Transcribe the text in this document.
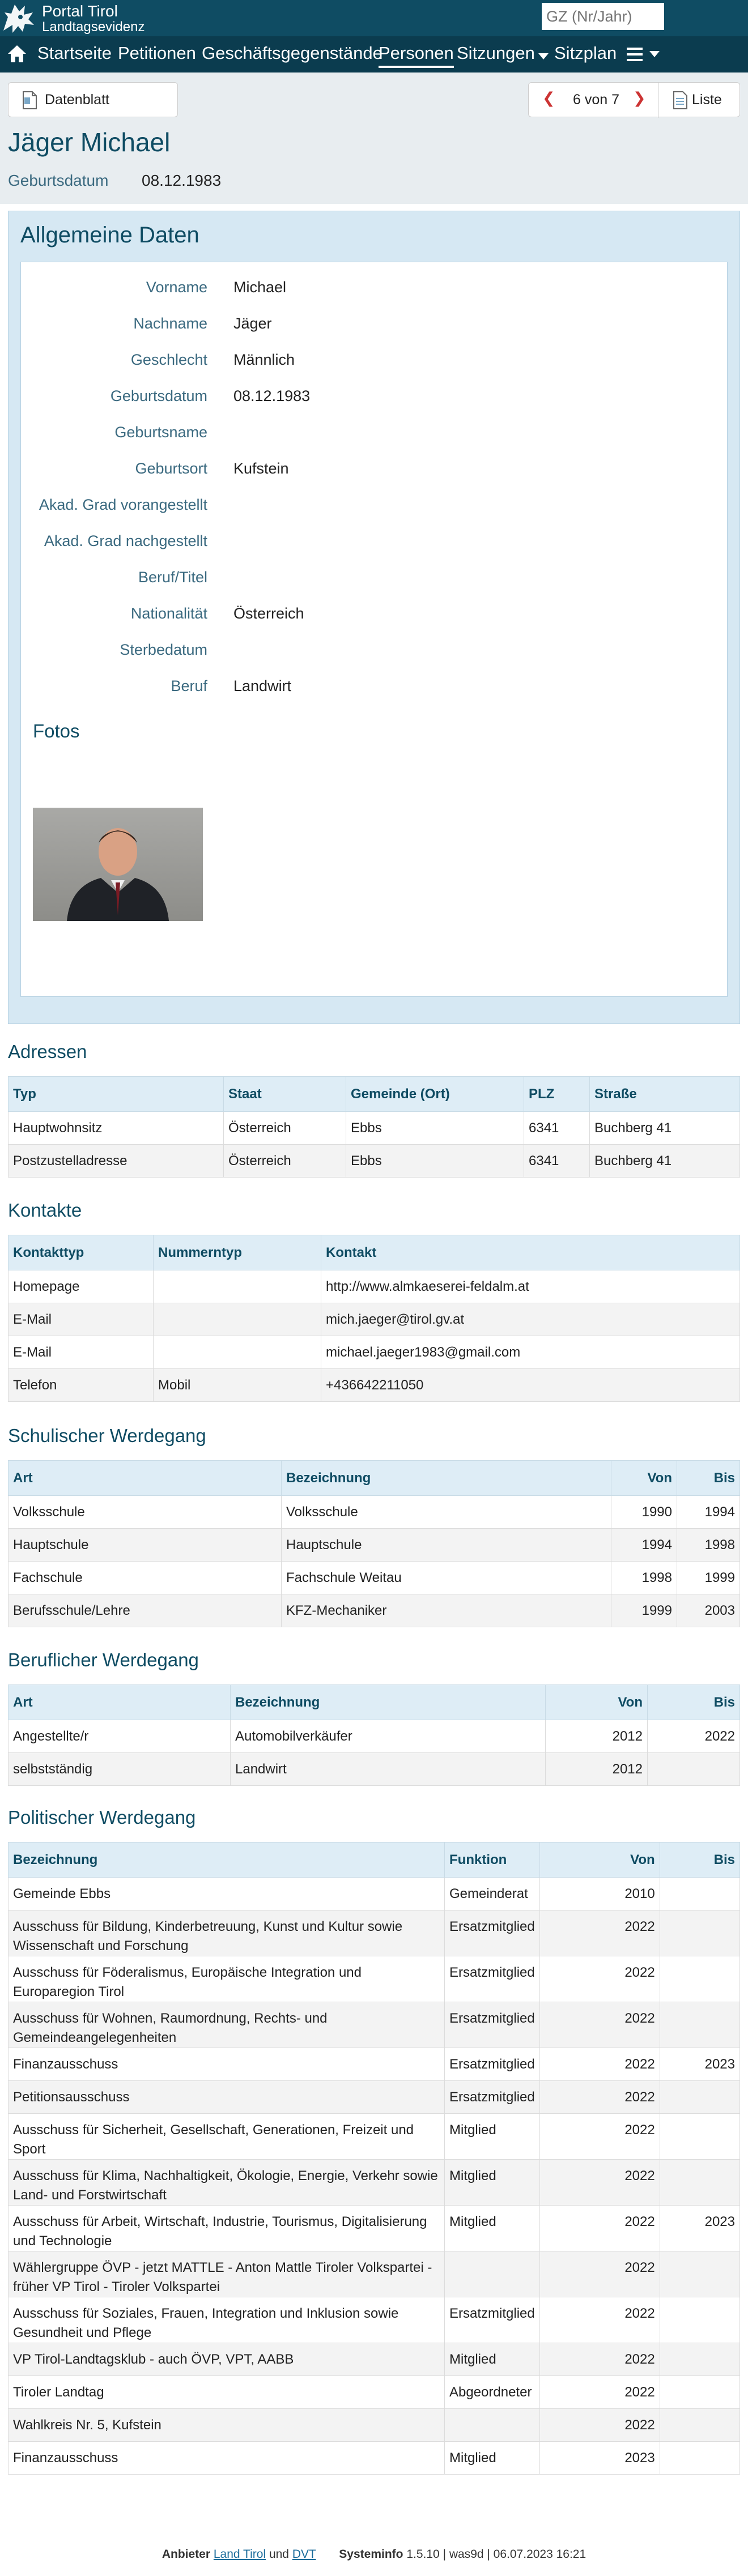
Portal Tirol
Landtagsevidenz
GZ (Nr/Jahr)
Startseite Petitionen Geschäftsgegenstände
Personen Sitzungen	Sitzplan
Datenblatt	❮ 6 von 7 ❯	Liste
Jäger Michael
Geburtsdatum 08.12.1983
Allgemeine Daten
Vorname Michael
Nachname Jäger
Geschlecht Männlich
Geburtsdatum 08.12.1983
Geburtsname
Geburtsort Kufstein
Akad. Grad vorangestellt
Akad. Grad nachgestellt
Beruf/Titel
Nationalität Österreich
Sterbedatum
Beruf Landwirt
Fotos
Adressen
Typ	Staat	Gemeinde (Ort)	PLZ	Straße
Hauptwohnsitz	Österreich	Ebbs	6341	Buchberg 41
Postzustelladresse	Österreich	Ebbs	6341	Buchberg 41
Kontakte
Kontakttyp	Nummerntyp	Kontakt
Homepage		http://www.almkaeserei-feldalm.at
E-Mail		mich.jaeger@tirol.gv.at
E-Mail		michael.jaeger1983@gmail.com
Telefon	Mobil	+436642211050
Schulischer Werdegang
Art	Bezeichnung	Von	Bis
Volksschule	Volksschule	1990	1994
Hauptschule	Hauptschule	1994	1998
Fachschule	Fachschule Weitau	1998	1999
Berufsschule/Lehre	KFZ-Mechaniker	1999	2003
Beruflicher Werdegang
Art	Bezeichnung	Von	Bis
Angestellte/r	Automobilverkäufer	2012	2022
selbstständig	Landwirt	2012	
Politischer Werdegang
Bezeichnung	Funktion	Von	Bis
Gemeinde Ebbs	Gemeinderat	2010	
Ausschuss für Bildung, Kinderbetreuung, Kunst und Kultur sowie Wissenschaft und Forschung	Ersatzmitglied	2022	
Ausschuss für Föderalismus, Europäische Integration und Europaregion Tirol	Ersatzmitglied	2022	
Ausschuss für Wohnen, Raumordnung, Rechts- und Gemeindeangelegenheiten	Ersatzmitglied	2022	
Finanzausschuss	Ersatzmitglied	2022	2023
Petitionsausschuss	Ersatzmitglied	2022	
Ausschuss für Sicherheit, Gesellschaft, Generationen, Freizeit und Sport	Mitglied	2022	
Ausschuss für Klima, Nachhaltigkeit, Ökologie, Energie, Verkehr sowie Land- und Forstwirtschaft	Mitglied	2022	
Ausschuss für Arbeit, Wirtschaft, Industrie, Tourismus, Digitalisierung und Technologie	Mitglied	2022	2023
Wählergruppe ÖVP - jetzt MATTLE - Anton Mattle Tiroler Volkspartei - früher VP Tirol - Tiroler Volkspartei		2022	
Ausschuss für Soziales, Frauen, Integration und Inklusion sowie Gesundheit und Pflege	Ersatzmitglied	2022	
VP Tirol-Landtagsklub - auch ÖVP, VPT, AABB	Mitglied	2022	
Tiroler Landtag	Abgeordneter	2022	
Wahlkreis Nr. 5, Kufstein		2022	
Finanzausschuss	Mitglied	2023	
Anbieter Land Tirol und DVT Systeminfo 1.5.10 | was9d | 06.07.2023 16:21
